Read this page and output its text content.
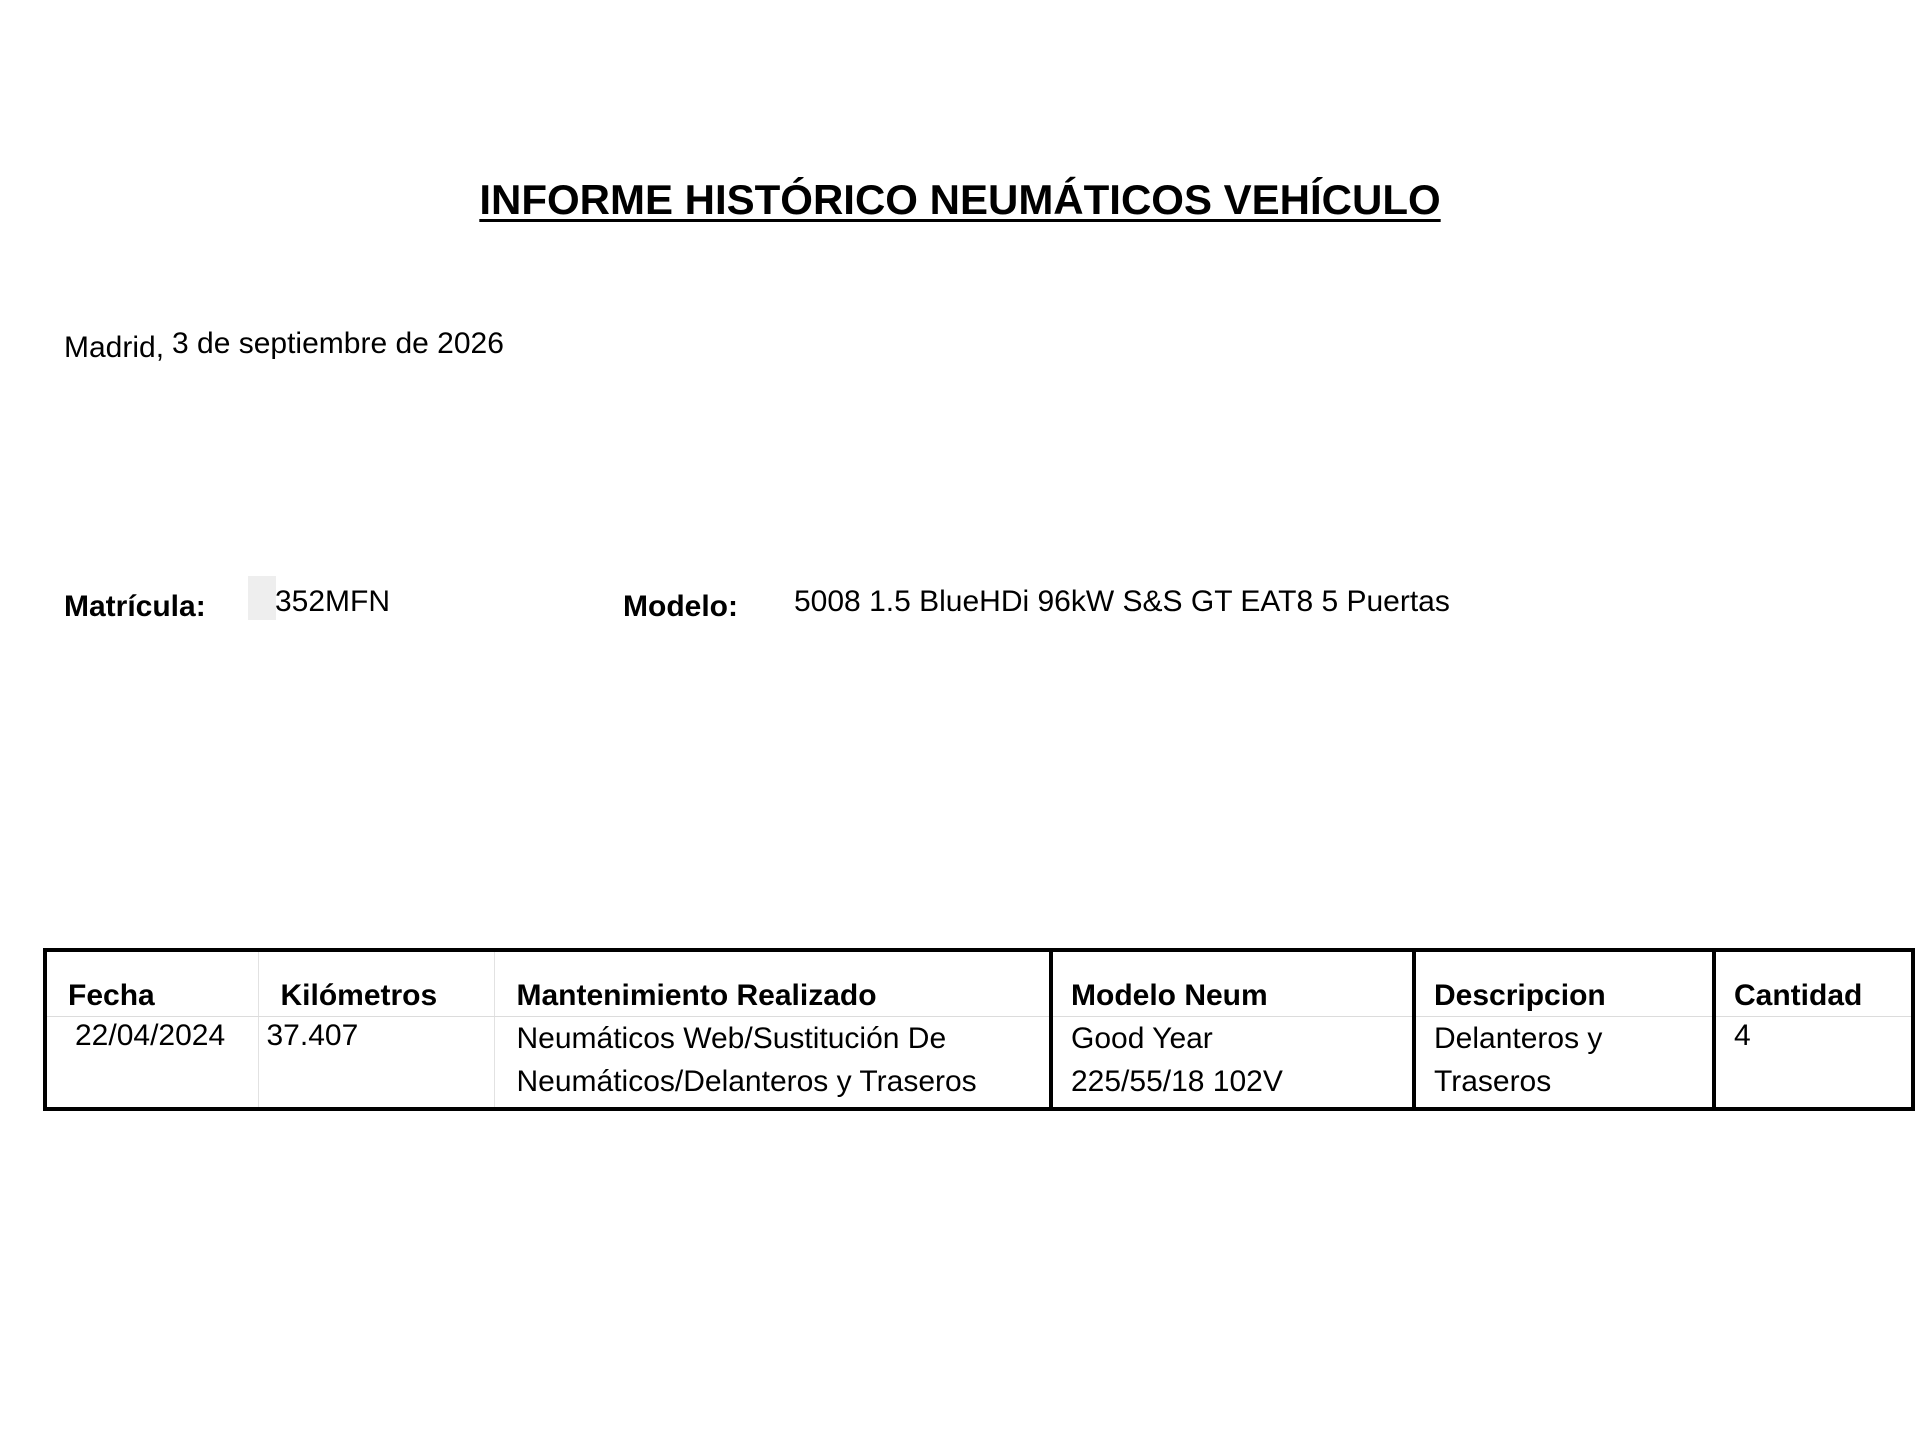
INFORME HISTÓRICO NEUMÁTICOS VEHÍCULO
Madrid, 3 de septiembre de 2026
Matrícula: 352MFN	Modelo: 5008 1.5 BlueHDi 96kW S&S GT EAT8 5 Puertas
Fecha	Kilómetros	Mantenimiento Realizado	Modelo Neum	Descripcion	Cantidad
22/04/2024	37.407	Neumáticos Web/Sustitución De Neumáticos/Delanteros y Traseros	Good Year 225/55/18 102V	Delanteros y Traseros	4
